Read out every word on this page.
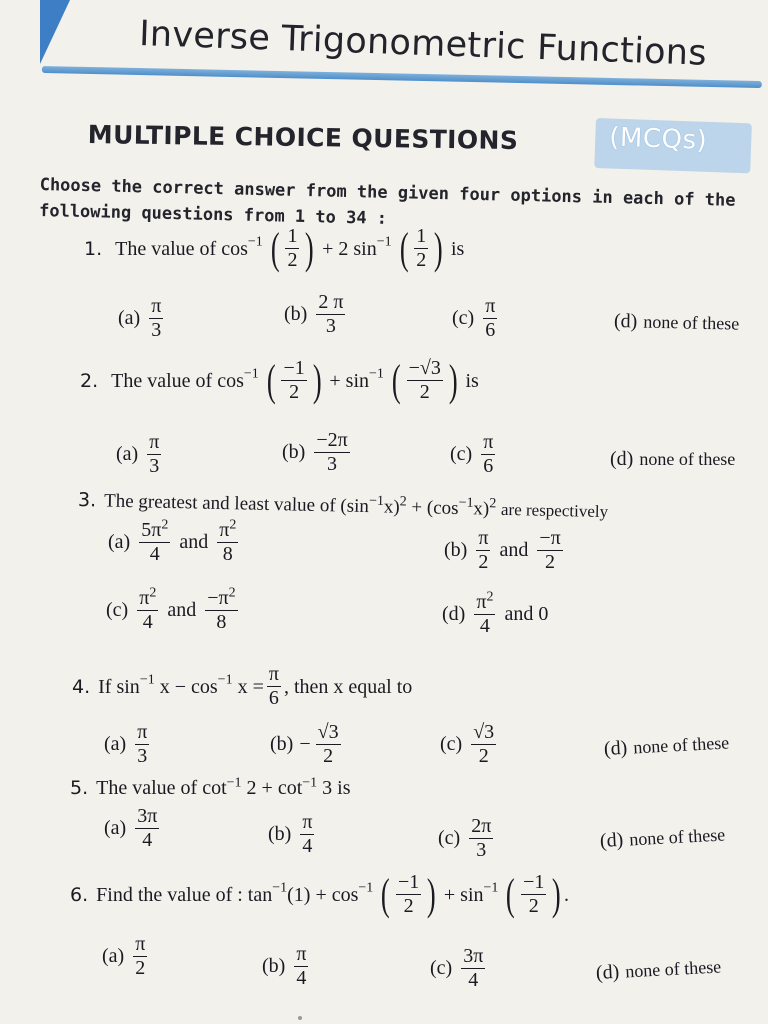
Inverse Trigonometric Functions
MULTIPLE CHOICE QUESTIONS	(MCQs)
Choose the correct answer from the given four options in each of the following questions from 1 to 34 :
1. The value of $\cos^{-1}$ ( $\frac{1}{2}$ ) + 2 $\sin^{-1}$ ( $\frac{1}{2}$ ) is
$(a) \frac{\pi}{3}$	$(b) \frac{2 \pi}{3}$	$(c) \frac{\pi}{6}$	(d) none of these
2. The value of $\cos^{-1}$ ( $\frac{-1}{2}$ ) + $\sin^{-1}$ ( $\frac{-√3}{2}$ ) is
$(a) \frac{\pi}{3}$	$(b) \frac{-2\pi}{3}$	$(c) \frac{\pi}{6}$	(d) none of these
3. The greatest and least value of $(\sin^{-1}x)^2 + (\cos^{-1}x)^2$ are respectively
$(a) \frac{5\pi^2}{4}$ and $\frac{\pi^2}{8}$	$(b) \frac{\pi}{2}$ and $\frac{-\pi}{2}$
$(c) \frac{\pi^2}{4}$ and $\frac{-\pi^2}{8}$	$(d) \frac{\pi^2}{4}$ and 0
4. If $\sin^{-1} x - \cos^{-1} x = \frac{\pi}{6}$ , then x equal to
$(a) \frac{\pi}{3}$	$(b) - \frac{√3}{2}$	$(c) \frac{√3}{2}$	(d) none of these
5. The value of $\cot^{-1} 2 + \cot^{-1} 3$ is
$(a) \frac{3\pi}{4}$	$(b) \frac{\pi}{4}$	$(c) \frac{2\pi}{3}$	(d) none of these
6. Find the value of : $\tan^{-1}(1) + \cos^{-1}$ ( $\frac{-1}{2}$ ) + $\sin^{-1}$ ( $\frac{-1}{2}$ ) .
$(a) \frac{\pi}{2}$	$(b) \frac{\pi}{4}$	$(c) \frac{3\pi}{4}$	(d) none of these
